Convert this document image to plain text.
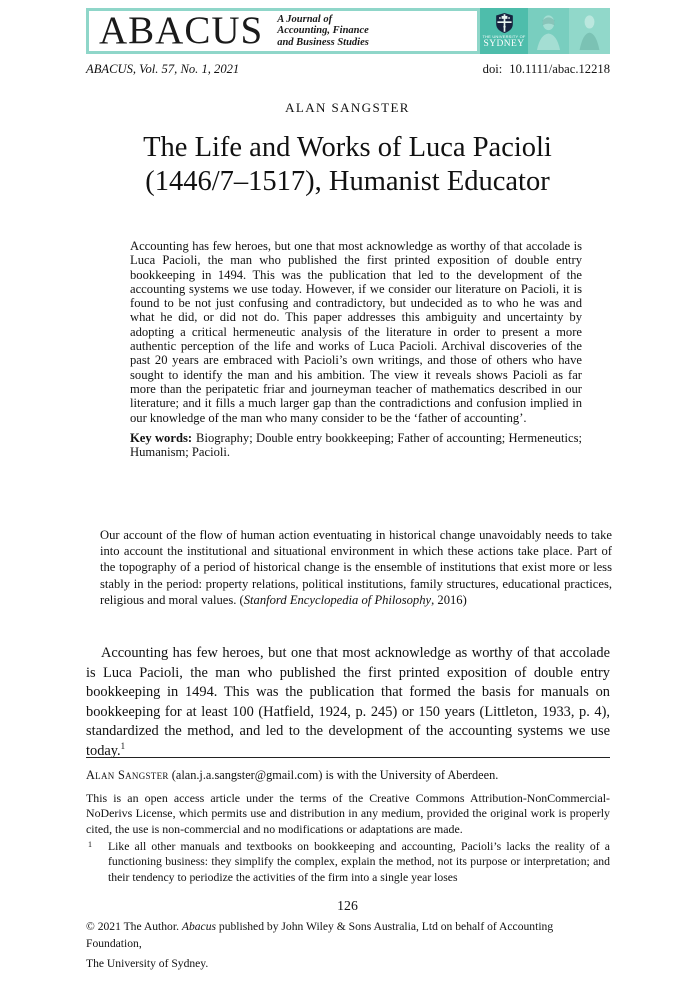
ABACUS A Journal of
Accounting, Finance
and Business Studies
THE UNIVERSITY OF
SYDNEY
ABACUS, Vol. 57, No. 1, 2021	doi: 10.1111/abac.12218
ALAN SANGSTER
The Life and Works of Luca Pacioli
(1446/7–1517), Humanist Educator

Accounting has few heroes, but one that most acknowledge as worthy of that accolade is Luca Pacioli, the man who published the first printed exposition of double entry bookkeeping in 1494. This was the publication that led to the development of the accounting systems we use today. However, if we consider our literature on Pacioli, it is found to be not just confusing and contradictory, but undecided as to who he was and what he did, or did not do. This paper addresses this ambiguity and uncertainty by adopting a critical hermeneutic analysis of the literature in order to present a more authentic perception of the life and works of Luca Pacioli. Archival discoveries of the past 20 years are embraced with Pacioli’s own writings, and those of others who have sought to identify the man and his ambition. The view it reveals shows Pacioli as far more than the peripatetic friar and journeyman teacher of mathematics described in our literature; and it fills a much larger gap than the contradictions and confusion implied in our knowledge of the man who many consider to be the ‘father of accounting’.

Key words: Biography; Double entry bookkeeping; Father of accounting; Hermeneutics; Humanism; Pacioli.

Our account of the flow of human action eventuating in historical change unavoidably needs to take into account the institutional and situational environment in which these actions take place. Part of the topography of a period of historical change is the ensemble of institutions that exist more or less stably in the period: property relations, political institutions, family structures, educational practices, religious and moral values. (Stanford Encyclopedia of Philosophy, 2016)

Accounting has few heroes, but one that most acknowledge as worthy of that accolade is Luca Pacioli, the man who published the first printed exposition of double entry bookkeeping in 1494. This was the publication that formed the basis for manuals on bookkeeping for at least 100 (Hatfield, 1924, p. 245) or 150 years (Littleton, 1933, p. 4), standardized the method, and led to the development of the accounting systems we use today.$^1$

Alan Sangster (alan.j.a.sangster@gmail.com) is with the University of Aberdeen.

This is an open access article under the terms of the Creative Commons Attribution-NonCommercial-NoDerivs License, which permits use and distribution in any medium, provided the original work is properly cited, the use is non-commercial and no modifications or adaptations are made.

1 Like all other manuals and textbooks on bookkeeping and accounting, Pacioli’s lacks the reality of a functioning business: they simplify the complex, explain the method, not its purpose or interpretation; and their tendency to periodize the activities of the firm into a single year loses

126
© 2021 The Author. Abacus published by John Wiley & Sons Australia, Ltd on behalf of Accounting Foundation,
The University of Sydney.
